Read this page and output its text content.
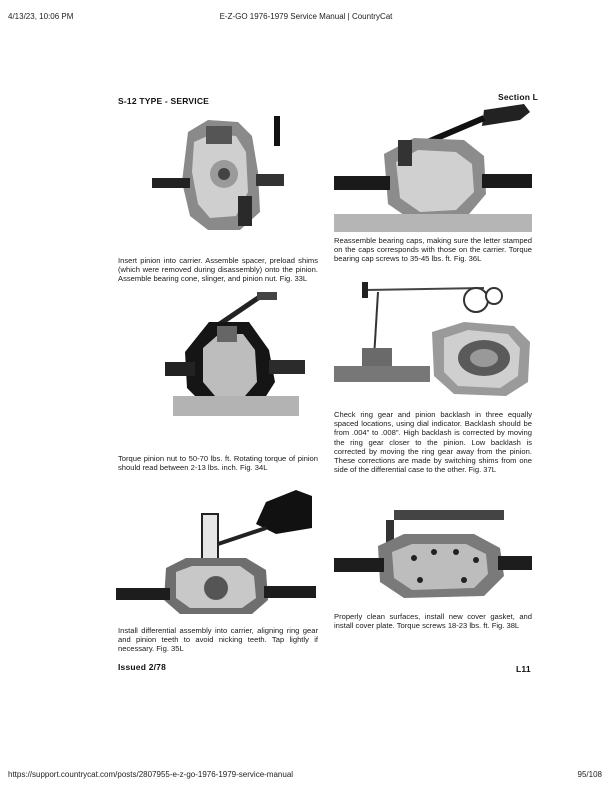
4/13/23, 10:06 PM	E-Z-GO 1976-1979 Service Manual | CountryCat
https://support.countrycat.com/posts/2807955-e-z-go-1976-1979-service-manual	95/108
S-12 TYPE - SERVICE	Section L
Insert pinion into carrier. Assemble spacer, preload shims (which were removed during disassembly) onto the pinion. Assemble bearing cone, slinger, and pinion nut. Fig. 33L
Torque pinion nut to 50-70 lbs. ft. Rotating torque of pinion should read between 2-13 lbs. inch. Fig. 34L
Install differential assembly into carrier, aligning ring gear and pinion teeth to avoid nicking teeth. Tap lightly if necessary. Fig. 35L
Reassemble bearing caps, making sure the letter stamped on the caps corresponds with those on the carrier. Torque bearing cap screws to 35-45 lbs. ft. Fig. 36L
Check ring gear and pinion backlash in three equally spaced locations, using dial indicator. Backlash should be from .004" to .008". High backlash is corrected by moving the ring gear closer to the pinion. Low backlash is corrected by moving the ring gear away from the pinion. These corrections are made by switching shims from one side of the differential case to the other. Fig. 37L
Properly clean surfaces, install new cover gasket, and install cover plate. Torque screws 18-23 lbs. ft. Fig. 38L
Issued 2/78	L11
